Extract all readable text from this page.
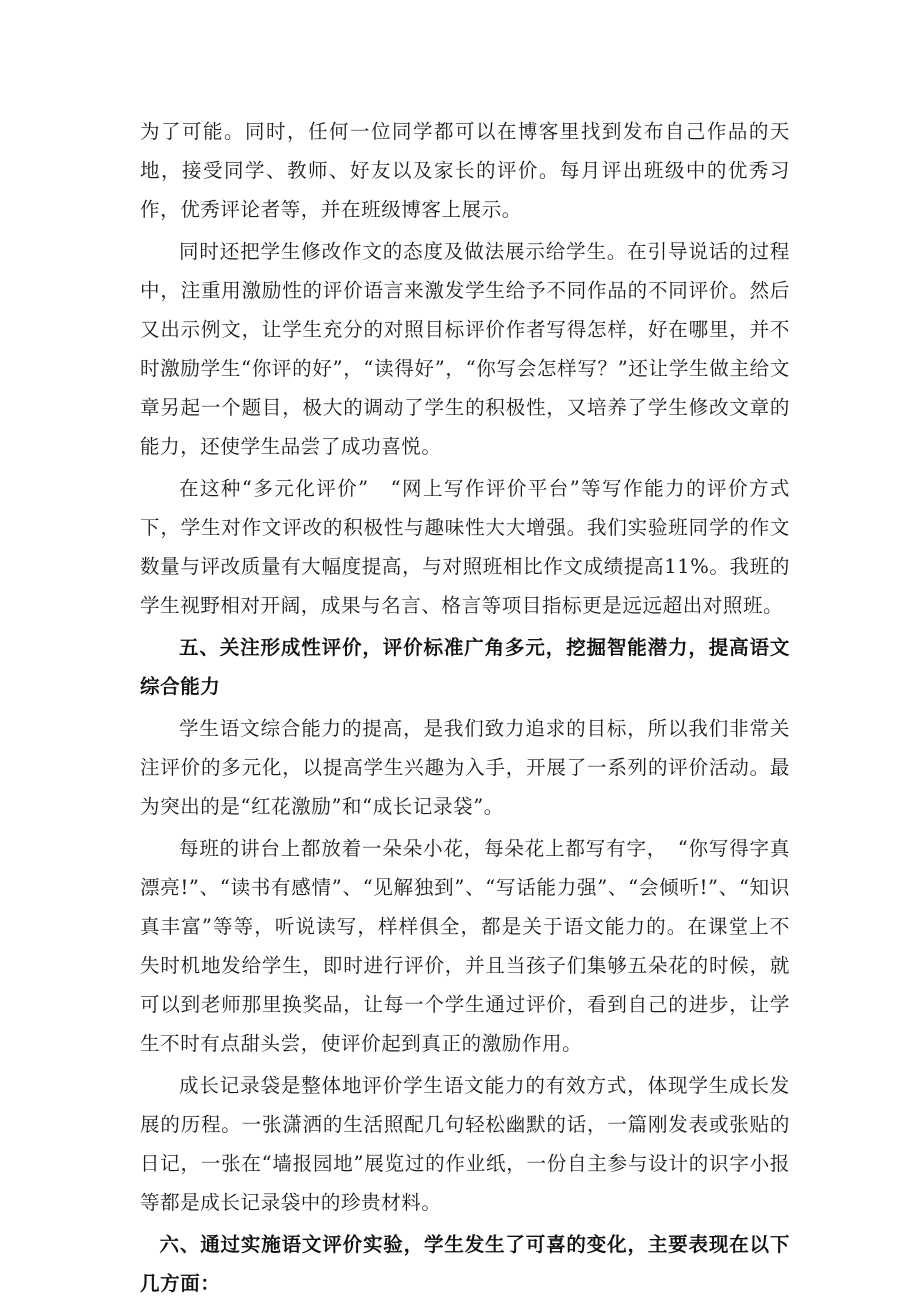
为了可能。同时，任何一位同学都可以在博客里找到发布自己作品的天地，接受同学、教师、好友以及家长的评价。每月评出班级中的优秀习作，优秀评论者等，并在班级博客上展示。

同时还把学生修改作文的态度及做法展示给学生。在引导说话的过程中，注重用激励性的评价语言来激发学生给予不同作品的不同评价。然后又出示例文，让学生充分的对照目标评价作者写得怎样，好在哪里，并不时激励学生“你评的好”，“读得好”，“你写会怎样写？”还让学生做主给文章另起一个题目，极大的调动了学生的积极性，又培养了学生修改文章的能力，还使学生品尝了成功喜悦。

在这种“多元化评价”　“网上写作评价平台”等写作能力的评价方式下，学生对作文评改的积极性与趣味性大大增强。我们实验班同学的作文数量与评改质量有大幅度提高，与对照班相比作文成绩提高11%。我班的学生视野相对开阔，成果与名言、格言等项目指标更是远远超出对照班。

五、关注形成性评价，评价标准广角多元，挖掘智能潜力，提高语文综合能力

学生语文综合能力的提高，是我们致力追求的目标，所以我们非常关注评价的多元化，以提高学生兴趣为入手，开展了一系列的评价活动。最为突出的是“红花激励”和“成长记录袋”。

每班的讲台上都放着一朵朵小花，每朵花上都写有字，　“你写得字真漂亮!”、“读书有感情”、“见解独到”、“写话能力强”、“会倾听!”、“知识真丰富”等等，听说读写，样样俱全，都是关于语文能力的。在课堂上不失时机地发给学生，即时进行评价，并且当孩子们集够五朵花的时候，就可以到老师那里换奖品，让每一个学生通过评价，看到自己的进步，让学生不时有点甜头尝，使评价起到真正的激励作用。

成长记录袋是整体地评价学生语文能力的有效方式，体现学生成长发展的历程。一张潇洒的生活照配几句轻松幽默的话，一篇刚发表或张贴的日记，一张在“墙报园地”展览过的作业纸，一份自主参与设计的识字小报等都是成长记录袋中的珍贵材料。

六、通过实施语文评价实验，学生发生了可喜的变化，主要表现在以下几方面：
